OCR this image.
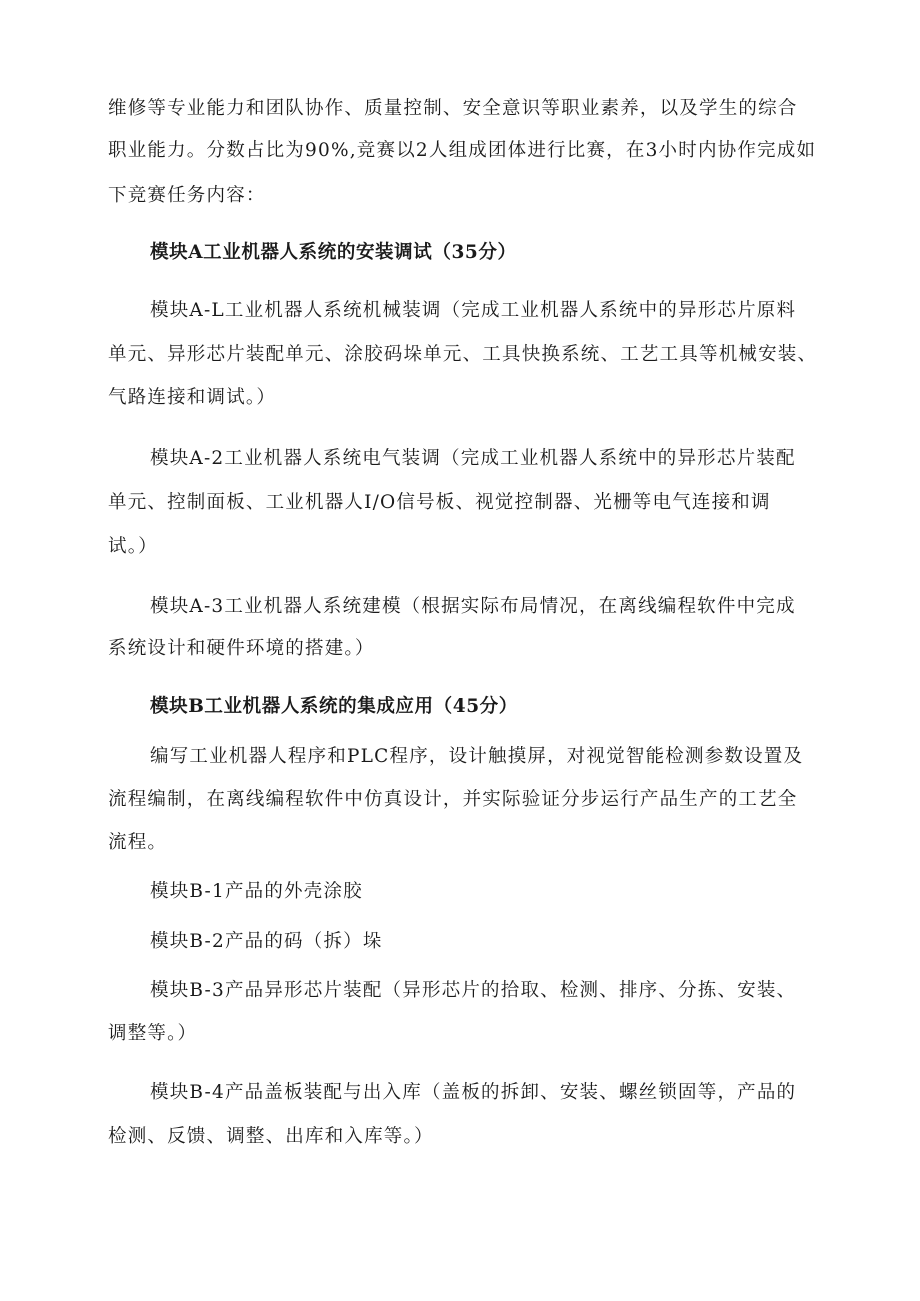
维修等专业能力和团队协作、质量控制、安全意识等职业素养，以及学生的综合
职业能力。分数占比为90%,竞赛以2人组成团体进行比赛，在3小时内协作完成如
下竞赛任务内容：
模块A工业机器人系统的安装调试（35分）
模块A-L工业机器人系统机械装调（完成工业机器人系统中的异形芯片原料
单元、异形芯片装配单元、涂胶码垛单元、工具快换系统、工艺工具等机械安装、
气路连接和调试。）
模块A-2工业机器人系统电气装调（完成工业机器人系统中的异形芯片装配
单元、控制面板、工业机器人I/O信号板、视觉控制器、光栅等电气连接和调
试。）
模块A-3工业机器人系统建模（根据实际布局情况，在离线编程软件中完成
系统设计和硬件环境的搭建。）
模块B工业机器人系统的集成应用（45分）
编写工业机器人程序和PLC程序，设计触摸屏，对视觉智能检测参数设置及
流程编制，在离线编程软件中仿真设计，并实际验证分步运行产品生产的工艺全
流程。
模块B-1产品的外壳涂胶
模块B-2产品的码（拆）垛
模块B-3产品异形芯片装配（异形芯片的拾取、检测、排序、分拣、安装、
调整等。）
模块B-4产品盖板装配与出入库（盖板的拆卸、安装、螺丝锁固等，产品的
检测、反馈、调整、出库和入库等。）
